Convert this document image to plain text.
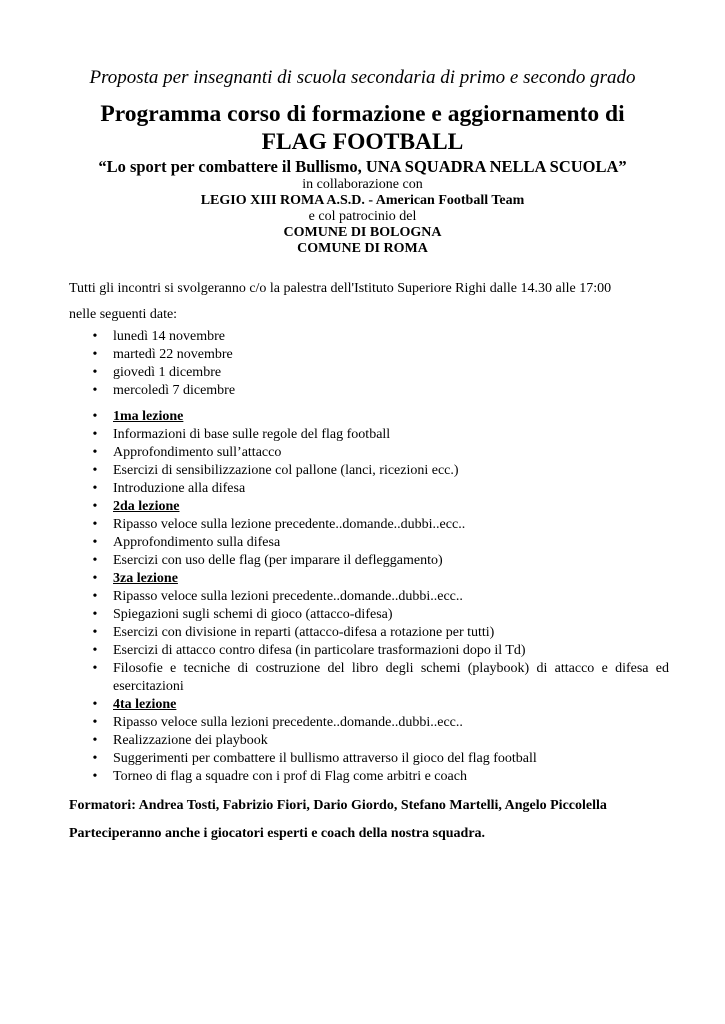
Proposta per insegnanti di scuola secondaria di primo e secondo grado
Programma corso di formazione e aggiornamento di
FLAG FOOTBALL
“Lo sport per combattere il Bullismo, UNA SQUADRA NELLA SCUOLA”
in collaborazione con
LEGIO XIII ROMA A.S.D. - American Football Team
e col patrocinio del
COMUNE DI BOLOGNA
COMUNE DI ROMA
Tutti gli incontri si svolgeranno c/o la palestra dell'Istituto Superiore Righi dalle 14.30 alle 17:00
nelle seguenti date:
• lunedì 14 novembre
• martedì 22 novembre
• giovedì 1 dicembre
• mercoledì 7 dicembre
• 1ma lezione
• Informazioni di base sulle regole del flag football
• Approfondimento sull’attacco
• Esercizi di sensibilizzazione col pallone (lanci, ricezioni ecc.)
• Introduzione alla difesa
• 2da lezione
• Ripasso veloce sulla lezione precedente..domande..dubbi..ecc..
• Approfondimento sulla difesa
• Esercizi con uso delle flag (per imparare il defleggamento)
• 3za lezione
• Ripasso veloce sulla lezioni precedente..domande..dubbi..ecc..
• Spiegazioni sugli schemi di gioco (attacco-difesa)
• Esercizi con divisione in reparti (attacco-difesa a rotazione per tutti)
• Esercizi di attacco contro difesa (in particolare trasformazioni dopo il Td)
• Filosofie e tecniche di costruzione del libro degli schemi (playbook) di attacco e difesa ed esercitazioni
• 4ta lezione
• Ripasso veloce sulla lezioni precedente..domande..dubbi..ecc..
• Realizzazione dei playbook
• Suggerimenti per combattere il bullismo attraverso il gioco del flag football
• Torneo di flag a squadre con i prof di Flag come arbitri e coach
Formatori: Andrea Tosti, Fabrizio Fiori, Dario Giordo, Stefano Martelli, Angelo Piccolella
Parteciperanno anche i giocatori esperti e coach della nostra squadra.
